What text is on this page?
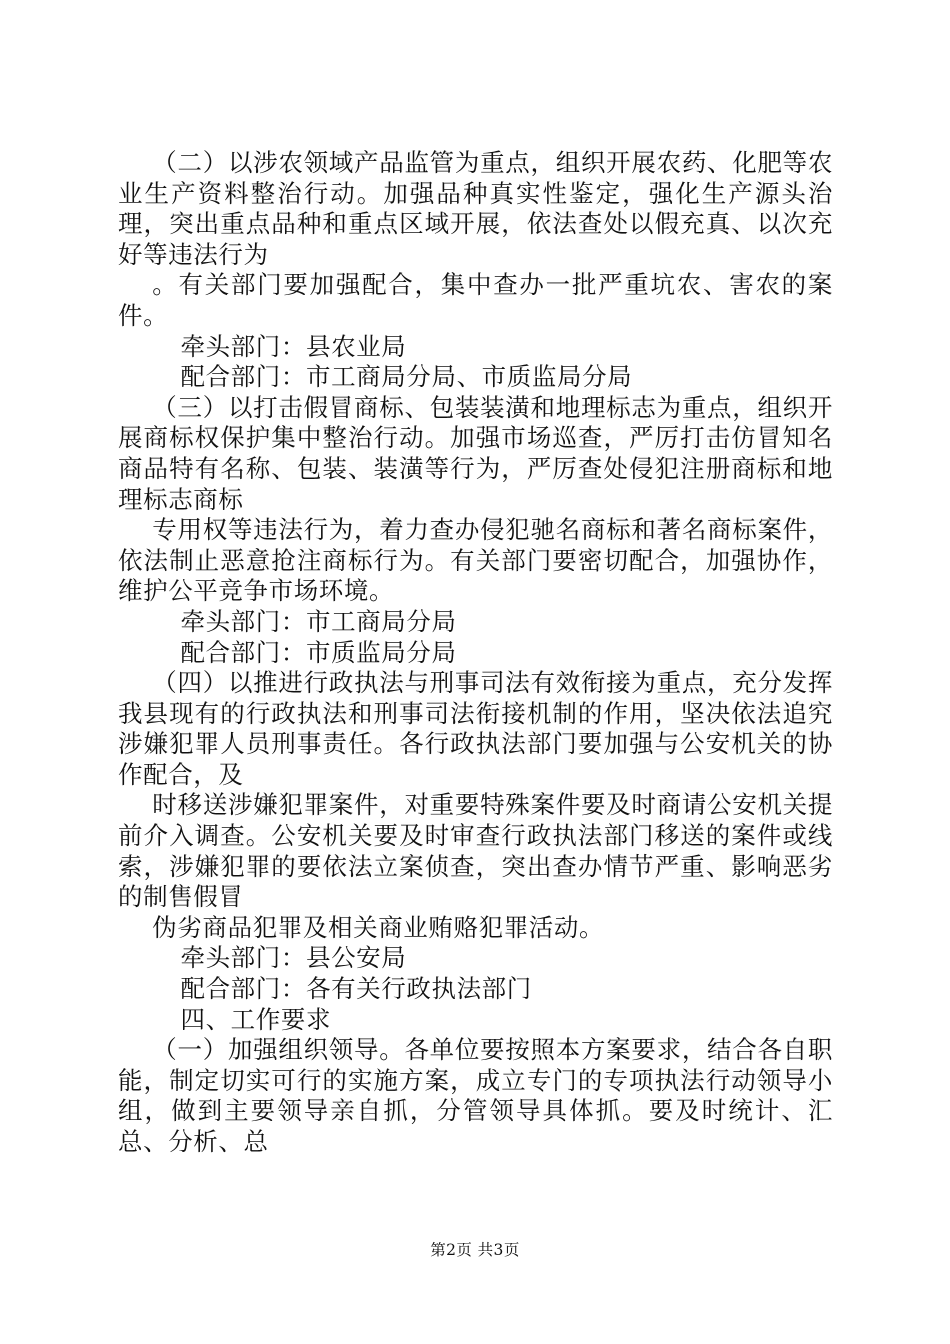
（二）以涉农领域产品监管为重点，组织开展农药、化肥等农业生产资料整治行动。加强品种真实性鉴定，强化生产源头治理，突出重点品种和重点区域开展，依法查处以假充真、以次充好等违法行为

。有关部门要加强配合，集中查办一批严重坑农、害农的案件。

牵头部门：县农业局

配合部门：市工商局分局、市质监局分局

（三）以打击假冒商标、包装装潢和地理标志为重点，组织开展商标权保护集中整治行动。加强市场巡查，严厉打击仿冒知名商品特有名称、包装、装潢等行为，严厉查处侵犯注册商标和地理标志商标

专用权等违法行为，着力查办侵犯驰名商标和著名商标案件，依法制止恶意抢注商标行为。有关部门要密切配合，加强协作，维护公平竞争市场环境。

牵头部门：市工商局分局

配合部门：市质监局分局

（四）以推进行政执法与刑事司法有效衔接为重点，充分发挥我县现有的行政执法和刑事司法衔接机制的作用，坚决依法追究涉嫌犯罪人员刑事责任。各行政执法部门要加强与公安机关的协作配合，及

时移送涉嫌犯罪案件，对重要特殊案件要及时商请公安机关提前介入调查。公安机关要及时审查行政执法部门移送的案件或线索，涉嫌犯罪的要依法立案侦查，突出查办情节严重、影响恶劣的制售假冒

伪劣商品犯罪及相关商业贿赂犯罪活动。

牵头部门：县公安局

配合部门：各有关行政执法部门

四、工作要求

（一）加强组织领导。各单位要按照本方案要求，结合各自职能，制定切实可行的实施方案，成立专门的专项执法行动领导小组，做到主要领导亲自抓，分管领导具体抓。要及时统计、汇总、分析、总

第2页 共3页
